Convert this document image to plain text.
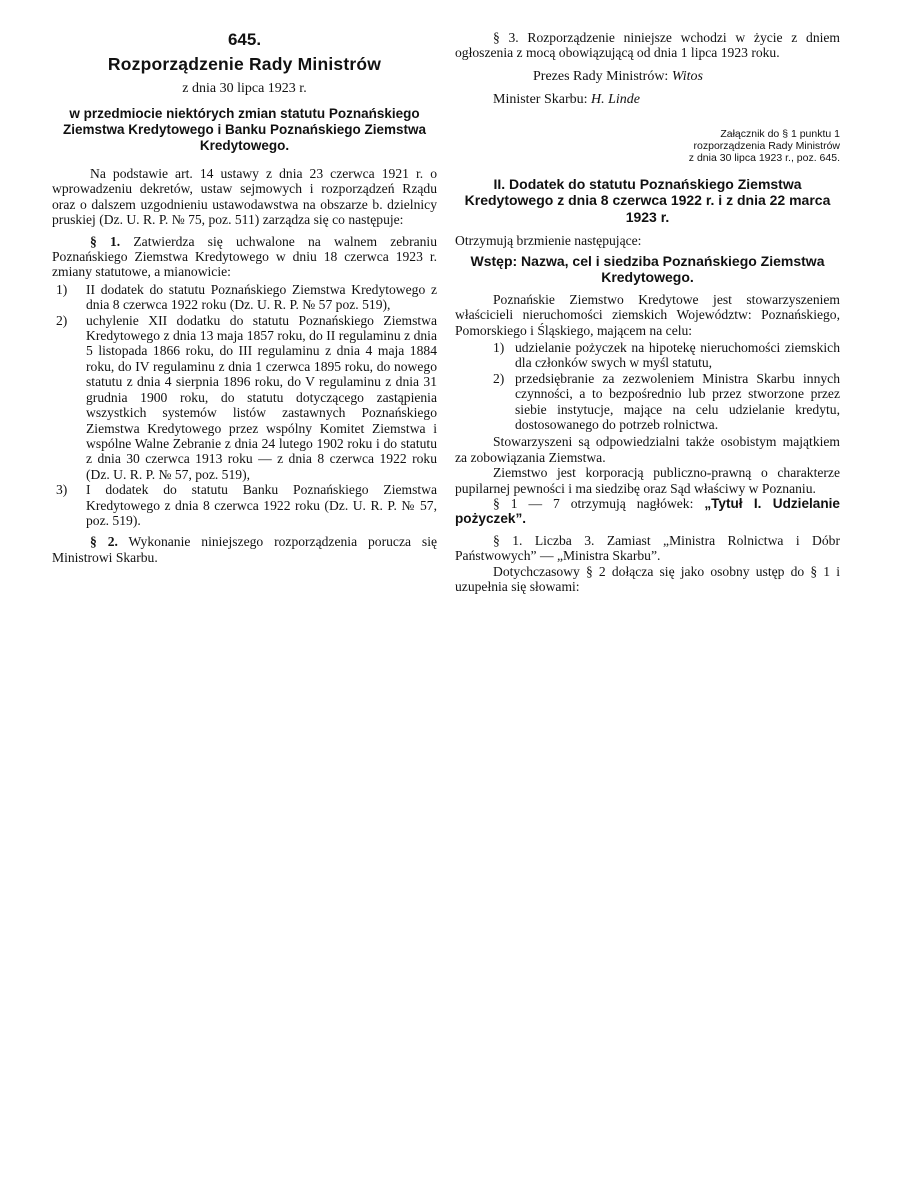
645.

Rozporządzenie Rady Ministrów

z dnia 30 lipca 1923 r.

w przedmiocie niektórych zmian statutu Poznańskiego Ziemstwa Kredytowego i Banku Poznańskiego Ziemstwa Kredytowego.

Na podstawie art. 14 ustawy z dnia 23 czerwca 1921 r. o wprowadzeniu dekretów, ustaw sejmowych i rozporządzeń Rządu oraz o dalszem uzgodnieniu ustawodawstwa na obszarze b. dzielnicy pruskiej (Dz. U. R. P. № 75, poz. 511) zarządza się co następuje:

§ 1. Zatwierdza się uchwalone na walnem zebraniu Poznańskiego Ziemstwa Kredytowego w dniu 18 czerwca 1923 r. zmiany statutowe, a mianowicie:

1) II dodatek do statutu Poznańskiego Ziemstwa Kredytowego z dnia 8 czerwca 1922 roku (Dz. U. R. P. № 57 poz. 519),
2) uchylenie XII dodatku do statutu Poznańskiego Ziemstwa Kredytowego z dnia 13 maja 1857 roku, do II regulaminu z dnia 5 listopada 1866 roku, do III regulaminu z dnia 4 maja 1884 roku, do IV regulaminu z dnia 1 czerwca 1895 roku, do nowego statutu z dnia 4 sierpnia 1896 roku, do V regulaminu z dnia 31 grudnia 1900 roku, do statutu dotyczącego zastąpienia wszystkich systemów listów zastawnych Poznańskiego Ziemstwa Kredytowego przez wspólny Komitet Ziemstwa i wspólne Walne Zebranie z dnia 24 lutego 1902 roku i do statutu z dnia 30 czerwca 1913 roku — z dnia 8 czerwca 1922 roku (Dz. U. R. P. № 57, poz. 519),
3) I dodatek do statutu Banku Poznańskiego Ziemstwa Kredytowego z dnia 8 czerwca 1922 roku (Dz. U. R. P. № 57, poz. 519).

§ 2. Wykonanie niniejszego rozporządzenia poruczа się Ministrowi Skarbu.

§ 3. Rozporządzenie niniejsze wchodzi w życie z dniem ogłoszenia z mocą obowiązującą od dnia 1 lipca 1923 roku.

Prezes Rady Ministrów: Witos

Minister Skarbu: H. Linde

Załącznik do § 1 punktu 1
rozporządzenia Rady Ministrów
z dnia 30 lipca 1923 r., poz. 645.

II. Dodatek do statutu Poznańskiego Ziemstwa Kredytowego z dnia 8 czerwca 1922 r. i z dnia 22 marca 1923 r.

Otrzymują brzmienie następujące:

Wstęp: Nazwa, cel i siedziba Poznańskiego Ziemstwa Kredytowego.

Poznańskie Ziemstwo Kredytowe jest stowarzyszeniem właścicieli nieruchomości ziemskich Województw: Poznańskiego, Pomorskiego i Śląskiego, mającem na celu:

1) udzielanie pożyczek na hipotekę nieruchomości ziemskich dla członków swych w myśl statutu,
2) przedsiębranie za zezwoleniem Ministra Skarbu innych czynności, a to bezpośrednio lub przez stworzone przez siebie instytucje, mające na celu udzielanie kredytu, dostosowanego do potrzeb rolnictwa.

Stowarzyszeni są odpowiedzialni także osobistym majątkiem za zobowiązania Ziemstwa.

Ziemstwo jest korporacją publiczno-prawną o charakterze pupilarnej pewności i ma siedzibę oraz Sąd właściwy w Poznaniu.

§ 1 — 7 otrzymują nagłówek: „Tytuł I. Udzielanie pożyczek”.

§ 1. Liczba 3. Zamiast „Ministra Rolnictwa i Dóbr Państwowych” — „Ministra Skarbu”.

Dotychczasowy § 2 dołącza się jako osobny ustęp do § 1 i uzupełnia się słowami:
